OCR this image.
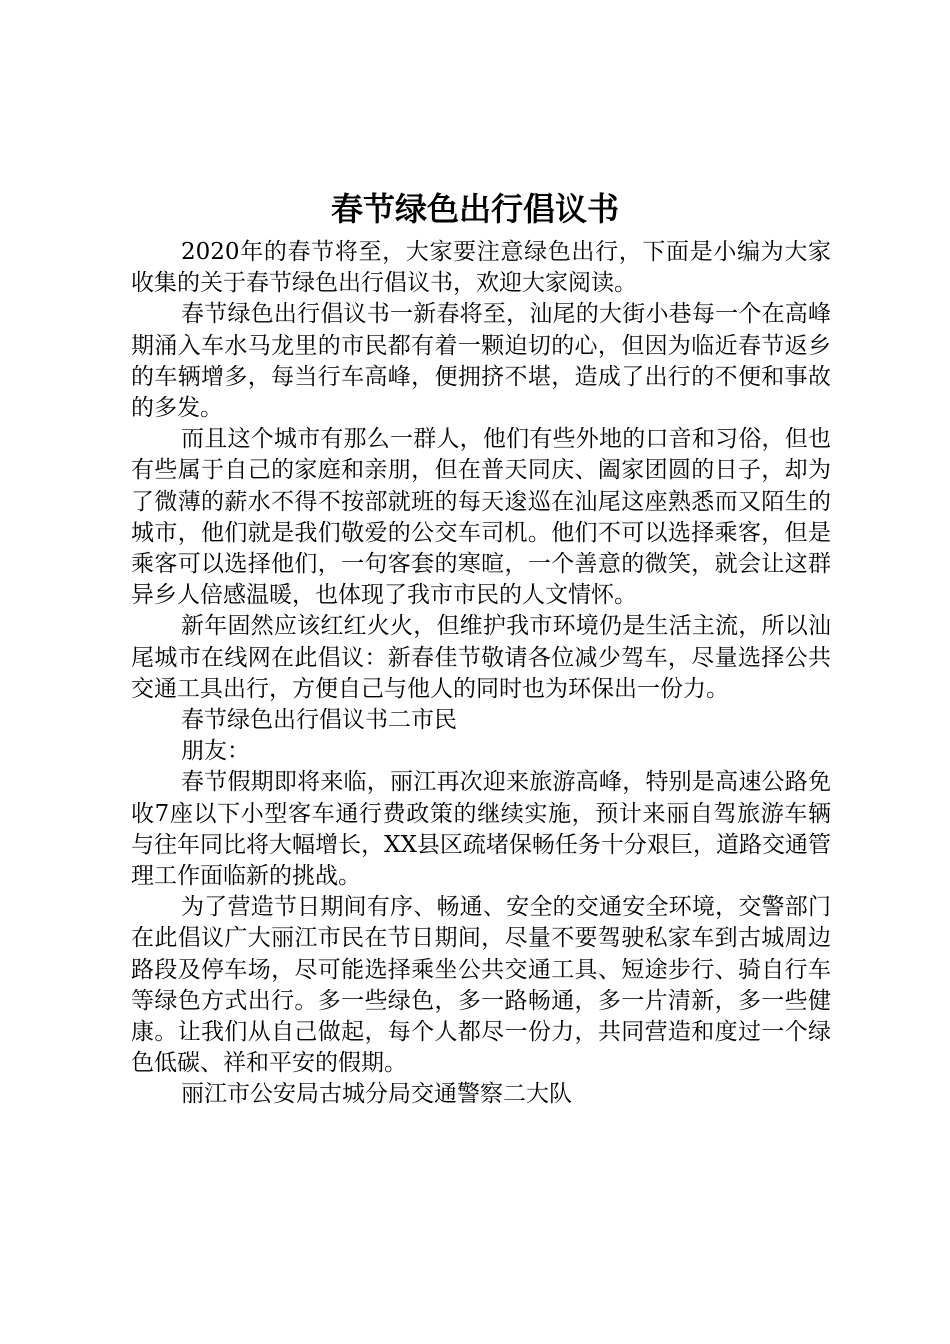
春节绿色出行倡议书

2020年的春节将至，大家要注意绿色出行，下面是小编为大家收集的关于春节绿色出行倡议书，欢迎大家阅读。

春节绿色出行倡议书一新春将至，汕尾的大街小巷每一个在高峰期涌入车水马龙里的市民都有着一颗迫切的心，但因为临近春节返乡的车辆增多，每当行车高峰，便拥挤不堪，造成了出行的不便和事故的多发。

而且这个城市有那么一群人，他们有些外地的口音和习俗，但也有些属于自己的家庭和亲朋，但在普天同庆、阖家团圆的日子，却为了微薄的薪水不得不按部就班的每天逡巡在汕尾这座熟悉而又陌生的城市，他们就是我们敬爱的公交车司机。他们不可以选择乘客，但是乘客可以选择他们，一句客套的寒暄，一个善意的微笑，就会让这群异乡人倍感温暖，也体现了我市市民的人文情怀。

新年固然应该红红火火，但维护我市环境仍是生活主流，所以汕尾城市在线网在此倡议：新春佳节敬请各位减少驾车，尽量选择公共交通工具出行，方便自己与他人的同时也为环保出一份力。

春节绿色出行倡议书二市民

朋友：

春节假期即将来临，丽江再次迎来旅游高峰，特别是高速公路免收7座以下小型客车通行费政策的继续实施，预计来丽自驾旅游车辆与往年同比将大幅增长，XX县区疏堵保畅任务十分艰巨，道路交通管理工作面临新的挑战。

为了营造节日期间有序、畅通、安全的交通安全环境，交警部门在此倡议广大丽江市民在节日期间，尽量不要驾驶私家车到古城周边路段及停车场，尽可能选择乘坐公共交通工具、短途步行、骑自行车等绿色方式出行。多一些绿色，多一路畅通，多一片清新，多一些健康。让我们从自己做起，每个人都尽一份力，共同营造和度过一个绿色低碳、祥和平安的假期。

丽江市公安局古城分局交通警察二大队
